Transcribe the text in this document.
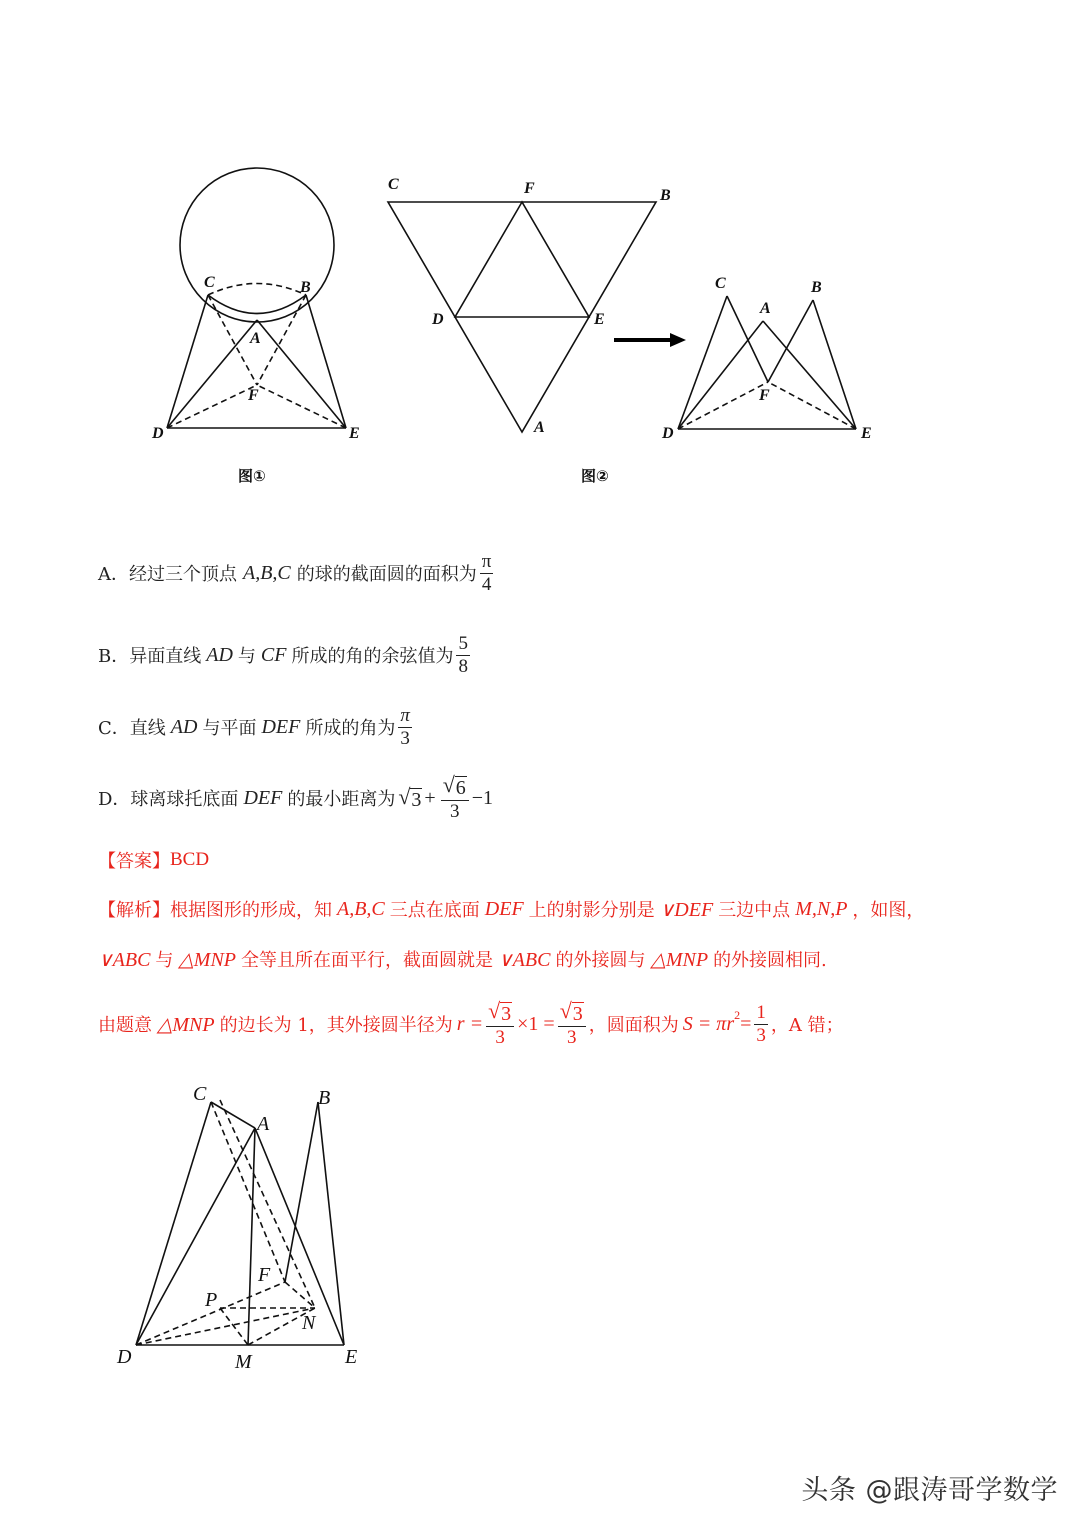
C	B
A
F
D	E
图①
C	F	B
D	E
A
图②
C
A
B
F
D	E
A．经过三个顶点 A,B,C 的球的截面圆的面积为 $\frac{\pi}{4}$
B．异面直线 AD 与 CF 所成的角的余弦值为 $\frac{5}{8}$
C．直线 AD 与平面 DEF 所成的角为 $\frac{\pi}{3}$
D．球离球托底面 DEF 的最小距离为 √ $3 + \frac{√ 6}{3} -1$
【答案】 BCD
【解析】 根据图形的形成，知 A,B,C 三点在底面 DEF 上的射影分别是 ∨DEF 三边中点 M,N,P ，如图，
∨ABC 与 △MNP 全等且所在面平行，截面圆就是 ∨ABC 的外接圆与 △MNP 的外接圆相同.
由题意 △MNP 的边长为 1，其外接圆半径为 $r = \frac{√ 3}{3} \times 1 = \frac{√ 3}{3}$ ，圆面积为 $S = \pi r^2 = \frac{1}{3}$ ，A 错；
C
A
B
F
P
N
D	M	E
头条 @跟涛哥学数学
